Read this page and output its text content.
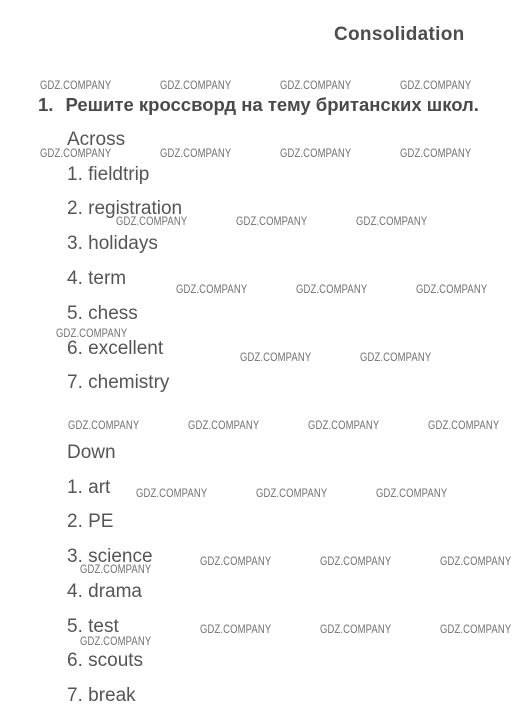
Consolidation
1. Решите кроссворд на тему британских школ.
Across
1. fieldtrip
2. registration
3. holidays
4. term
5. chess
6. excellent
7. chemistry
Down
1. art
2. PE
3. science
4. drama
5. test
6. scouts
7. break
GDZ.COMPANY	GDZ.COMPANY	GDZ.COMPANY	GDZ.COMPANY
GDZ.COMPANY	GDZ.COMPANY	GDZ.COMPANY	GDZ.COMPANY
GDZ.COMPANY	GDZ.COMPANY	GDZ.COMPANY
GDZ.COMPANY	GDZ.COMPANY	GDZ.COMPANY
GDZ.COMPANY
GDZ.COMPANY	GDZ.COMPANY
GDZ.COMPANY	GDZ.COMPANY	GDZ.COMPANY	GDZ.COMPANY
GDZ.COMPANY	GDZ.COMPANY	GDZ.COMPANY
GDZ.COMPANY	GDZ.COMPANY	GDZ.COMPANY
GDZ.COMPANY
GDZ.COMPANY	GDZ.COMPANY	GDZ.COMPANY
GDZ.COMPANY
